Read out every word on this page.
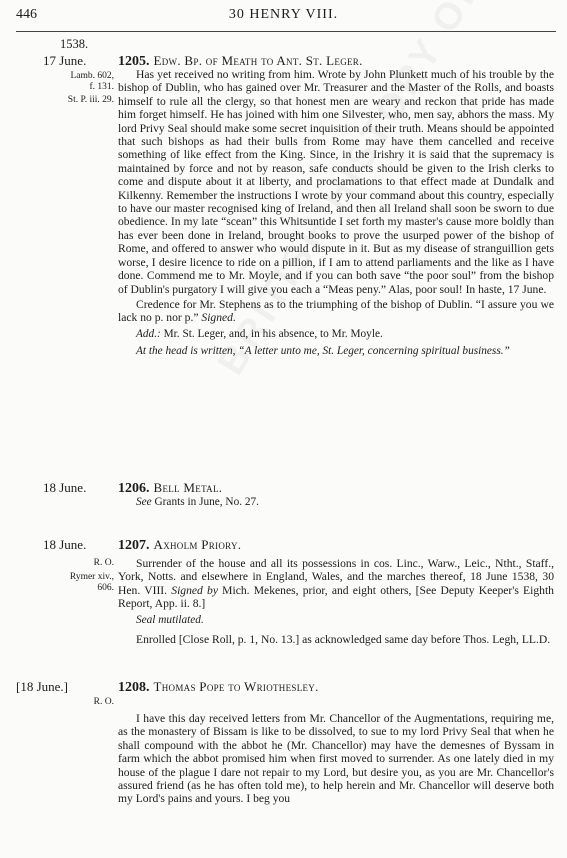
446	30 HENRY VIII.
1538.
17 June. 1205. Edw. Bp. of Meath to Ant. St. Leger.
Lamb. 602,
f. 131.
St. P. iii. 29.

Has yet received no writing from him. Wrote by John Plunkett much of his trouble by the bishop of Dublin, who has gained over Mr. Treasurer and the Master of the Rolls, and boasts himself to rule all the clergy, so that honest men are weary and reckon that pride has made him forget himself. He has joined with him one Silvester, who, men say, abhors the mass. My lord Privy Seal should make some secret inquisition of their truth. Means should be appointed that such bishops as had their bulls from Rome may have them cancelled and receive something of like effect from the King. Since, in the Irishry it is said that the supremacy is maintained by force and not by reason, safe conducts should be given to the Irish clerks to come and dispute about it at liberty, and proclamations to that effect made at Dundalk and Kilkenny. Remember the instructions I wrote by your command about this country, especially to have our master recognised king of Ireland, and then all Ireland shall soon be sworn to due obedience. In my late “scean” this Whitsuntide I set forth my master's cause more boldly than has ever been done in Ireland, brought books to prove the usurped power of the bishop of Rome, and offered to answer who would dispute in it. But as my disease of stranguillion gets worse, I desire licence to ride on a pillion, if I am to attend parliaments and the like as I have done. Commend me to Mr. Moyle, and if you can both save “the poor soul” from the bishop of Dublin's purgatory I will give you each a “Meas peny.” Alas, poor soul! In haste, 17 June.

Credence for Mr. Stephens as to the triumphing of the bishop of Dublin. “I assure you we lack no p. nor p.” Signed.

Add.: Mr. St. Leger, and, in his absence, to Mr. Moyle.

At the head is written, “A letter unto me, St. Leger, concerning spiritual business.”

18 June. 1206. Bell Metal.
See Grants in June, No. 27.
18 June. 1207. Axholm Priory.
R. O.
Rymer xiv.,
606.

Surrender of the house and all its possessions in cos. Linc., Warw., Leic., Ntht., Staff., York, Notts. and elsewhere in England, Wales, and the marches thereof, 18 June 1538, 30 Hen. VIII. Signed by Mich. Mekenes, prior, and eight others, [See Deputy Keeper's Eighth Report, App. ii. 8.]

Seal mutilated.

Enrolled [Close Roll, p. 1, No. 13.] as acknowledged same day before Thos. Legh, LL.D.

[18 June.]	1208. Thomas Pope to Wriothesley.
R. O.

I have this day received letters from Mr. Chancellor of the Augmentations, requiring me, as the monastery of Bissam is like to be dissolved, to sue to my lord Privy Seal that when he shall compound with the abbot he (Mr. Chancellor) may have the demesnes of Byssam in farm which the abbot promised him when first moved to surrender. As one lately died in my house of the plague I dare not repair to my Lord, but desire you, as you are Mr. Chancellor's assured friend (as he has often told me), to help herein and Mr. Chancellor will deserve both my Lord's pains and yours. I beg you
